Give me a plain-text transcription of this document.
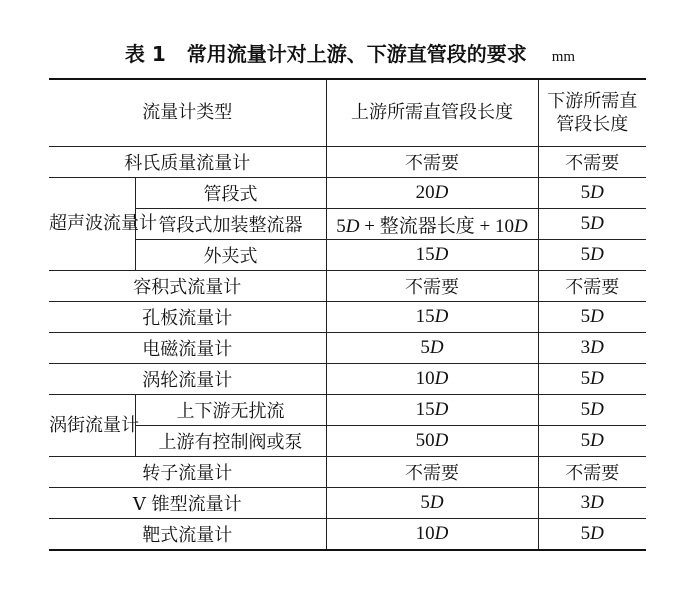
表 1 常用流量计对上游、下游直管段的要求 mm
流量计类型		上游所需直管段长度	下游所需直管段长度
科氏质量流量计		不需要	不需要
超声波流量计	管段式	20D	5D
	管段式加装整流器	5D + 整流器长度 + 10D	5D
	外夹式	15D	5D
容积式流量计		不需要	不需要
孔板流量计		15D	5D
电磁流量计		5D	3D
涡轮流量计		10D	5D
涡街流量计	上下游无扰流	15D	5D
	上游有控制阀或泵	50D	5D
转子流量计		不需要	不需要
V 锥型流量计		5D	3D
靶式流量计		10D	5D
